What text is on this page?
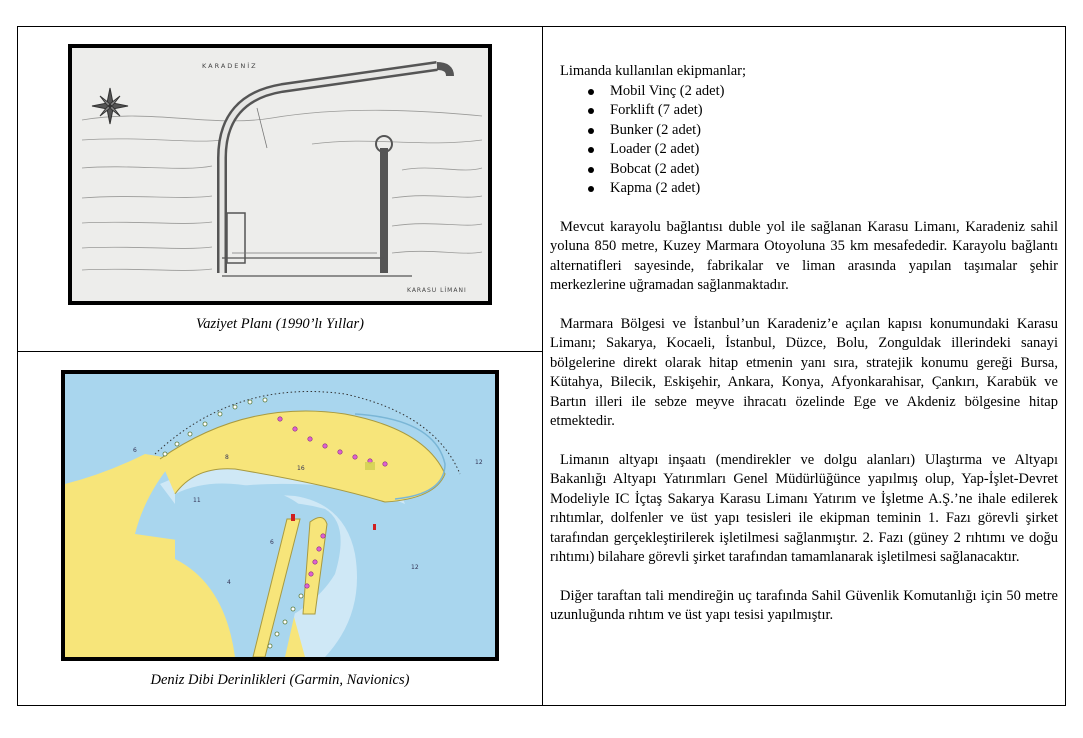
KARADENİZ
KARASU LİMANI
Vaziyet Planı (1990’lı Yıllar)
6
8
16
12
11
4
12
6
Deniz Dibi Derinlikleri (Garmin, Navionics)

Limanda kullanılan ekipmanlar;

Mobil Vinç (2 adet)
Forklift (7 adet)
Bunker (2 adet)
Loader (2 adet)
Bobcat (2 adet)
Kapma (2 adet)

Mevcut karayolu bağlantısı duble yol ile sağlanan Karasu Limanı, Karadeniz sahil yoluna 850 metre, Kuzey Marmara Otoyoluna 35 km mesafededir. Karayolu bağlantı alternatifleri sayesinde, fabrikalar ve liman arasında yapılan taşımalar şehir merkezlerine uğramadan sağlanmaktadır.

Marmara Bölgesi ve İstanbul’un Karadeniz’e açılan kapısı konumundaki Karasu Limanı; Sakarya, Kocaeli, İstanbul, Düzce, Bolu, Zonguldak illerindeki sanayi bölgelerine direkt olarak hitap etmenin yanı sıra, stratejik konumu gereği Bursa, Kütahya, Bilecik, Eskişehir, Ankara, Konya, Afyonkarahisar, Çankırı, Karabük ve Bartın illeri ile sebze meyve ihracatı özelinde Ege ve Akdeniz bölgesine hitap etmektedir.

Limanın altyapı inşaatı (mendirekler ve dolgu alanları) Ulaştırma ve Altyapı Bakanlığı Altyapı Yatırımları Genel Müdürlüğünce yapılmış olup, Yap-İşlet-Devret Modeliyle IC İçtaş Sakarya Karasu Limanı Yatırım ve İşletme A.Ş.’ne ihale edilerek rıhtımlar, dolfenler ve üst yapı tesisleri ile ekipman teminin 1. Fazı görevli şirket tarafından gerçekleştirilerek işletilmesi sağlanmıştır. 2. Fazı (güney 2 rıhtımı ve doğu rıhtımı) bilahare görevli şirket tarafından tamamlanarak işletilmesi sağlanacaktır.

Diğer taraftan tali mendireğin uç tarafında Sahil Güvenlik Komutanlığı için 50 metre uzunluğunda rıhtım ve üst yapı tesisi yapılmıştır.
